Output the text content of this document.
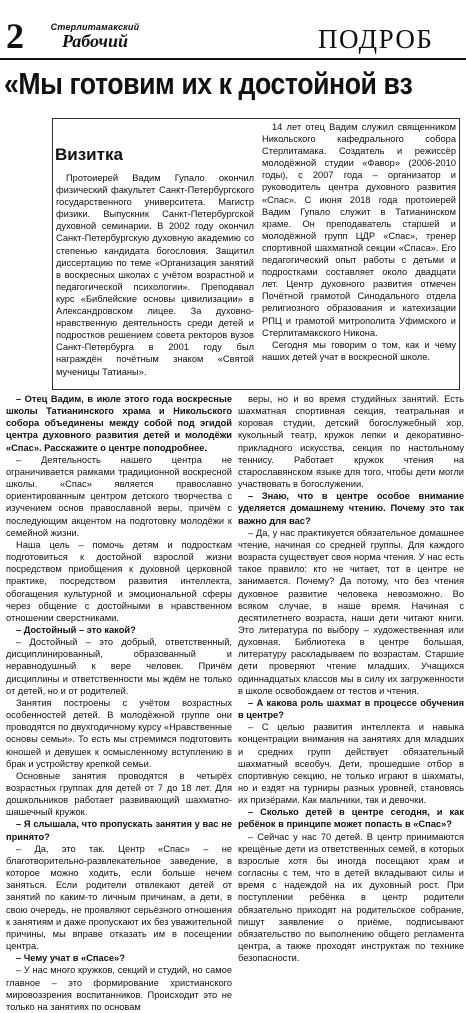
2	Стерлитамакский
Рабочий	ПОДРОБ
«Мы готовим их к достойной вз
Визитка

Протоиерей Вадим Гупало окончил физический факультет Санкт-Петербургского государственного университета. Магистр физики. Выпускник Санкт-Петербургской духовной семинарии. В 2002 году окончил Санкт-Петербургскую духовную академию со степенью кандидата богословия. Защитил диссертацию по теме «Организация занятий в воскресных школах с учётом возрастной и педагогической психологии». Преподавал курс «Библейские основы цивилизации» в Александровском лицее. За духовно-нравственную деятельность среди детей и подростков решением совета ректоров вузов Санкт-Петербурга в 2001 году был награждён почётным знаком «Святой мученицы Татианы».

14 лет отец Вадим служил священником Никольского кафедрального собора Стерлитамака. Создатель и режиссёр молодёжной студии «Фавор» (2006-2010 годы), с 2007 года – организатор и руководитель центра духовного развития «Спас». С июня 2018 года протоиерей Вадим Гупало служит в Татианинском храме. Он преподаватель старшей и молодёжной групп ЦДР «Спас», тренер спортивной шахматной секции «Спаса». Его педагогический опыт работы с детьми и подростками составляет около двадцати лет. Центр духовного развития отмечен Почётной грамотой Синодального отдела религиозного образования и катехизации РПЦ и грамотой митрополита Уфимского и Стерлитамакского Никона.

Сегодня мы говорим о том, как и чему наших детей учат в воскресной школе.

– Отец Вадим, в июле этого года воскресные школы Татианинского храма и Никольского собора объединены между собой под эгидой центра духовного развития детей и молодёжи «Спас». Расскажите о центре поподробнее.

– Деятельность нашего центра не ограничивается рамками традиционной воскресной школы. «Спас» является православно ориентированным центром детского творчества с изучением основ православной веры, причём с последующим акцентом на подготовку молодёжи к семейной жизни.

Наша цель – помочь детям и подросткам подготовиться к достойной взрослой жизни посредством приобщения к духовной церковной практике, посредством развития интеллекта, обогащения культурной и эмоциональной сферы через общение с достойными в нравственном отношении сверстниками.

– Достойный – это какой?

– Достойный – это добрый, ответственный, дисциплинированный, образованный и неравнодушный к вере человек. Причём дисциплины и ответственности мы ждём не только от детей, но и от родителей.

Занятия построены с учётом возрастных особенностей детей. В молодёжной группе они проводятся по двухгодичному курсу «Нравственные основы семьи». То есть мы стремимся подготовить юношей и девушек к осмысленному вступлению в брак и устройству крепкой семьи.

Основные занятия проводятся в четырёх возрастных группах для детей от 7 до 18 лет. Для дошкольников работает развивающий шахматно-шашечный кружок.

– Я слышала, что пропускать занятия у вас не принято?

– Да, это так. Центр «Спас» – не благотворительно-развлекательное заведение, в которое можно ходить, если больше нечем заняться. Если родители отвлекают детей от занятий по каким-то личным причинам, а дети, в свою очередь, не проявляют серьёзного отношения к занятиям и даже пропускают их без уважительной причины, мы вправе отказать им в посещении центра.

– Чему учат в «Спасе»?

– У нас много кружков, секций и студий, но самое главное – это формирование христианского мировоззрения воспитанников. Происходит это не только на занятиях по основам

веры, но и во время студийных занятий. Есть шахматная спортивная секция, театральная и хоровая студии, детский богослужебный хор, кукольный театр, кружок лепки и декоративно-прикладного искусства, секция по настольному теннису. Работает кружок чтения на старославянском языке для того, чтобы дети могли участвовать в богослужении.

– Знаю, что в центре особое внимание уделяется домашнему чтению. Почему это так важно для вас?

– Да, у нас практикуется обязательное домашнее чтение, начиная со средней группы. Для каждого возраста существует своя норма чтения. У нас есть такое правило: кто не читает, тот в центре не занимается. Почему? Да потому, что без чтения духовное развитие человека невозможно. Во всяком случае, в наше время. Начиная с десятилетнего возраста, наши дети читают книги. Это литература по выбору – художественная или духовная. Библиотека в центре большая, литературу раскладываем по возрастам. Старшие дети проверяют чтение младших. Учащихся одиннадцатых классов мы в силу их загруженности в школе освобождаем от тестов и чтения.

– А какова роль шахмат в процессе обучения в центре?

– С целью развития интеллекта и навыка концентрации внимания на занятиях для младших и средних групп действует обязательный шахматный всеобуч. Дети, прошедшие отбор в спортивную секцию, не только играют в шахматы, но и ездят на турниры разных уровней, становясь их призёрами. Как мальчики, так и девочки.

– Сколько детей в центре сегодня, и как ребёнок в принципе может попасть в «Спас»?

– Сейчас у нас 70 детей. В центр принимаются крещёные дети из ответственных семей, в которых взрослые хотя бы иногда посещают храм и согласны с тем, что в детей вкладывают силы и время с надеждой на их духовный рост. При поступлении ребёнка в центр родители обязательно приходят на родительское собрание, пишут заявление о приёме, подписывают обязательство по выполнению общего регламента центра, а также проходят инструктаж по технике безопасности.
